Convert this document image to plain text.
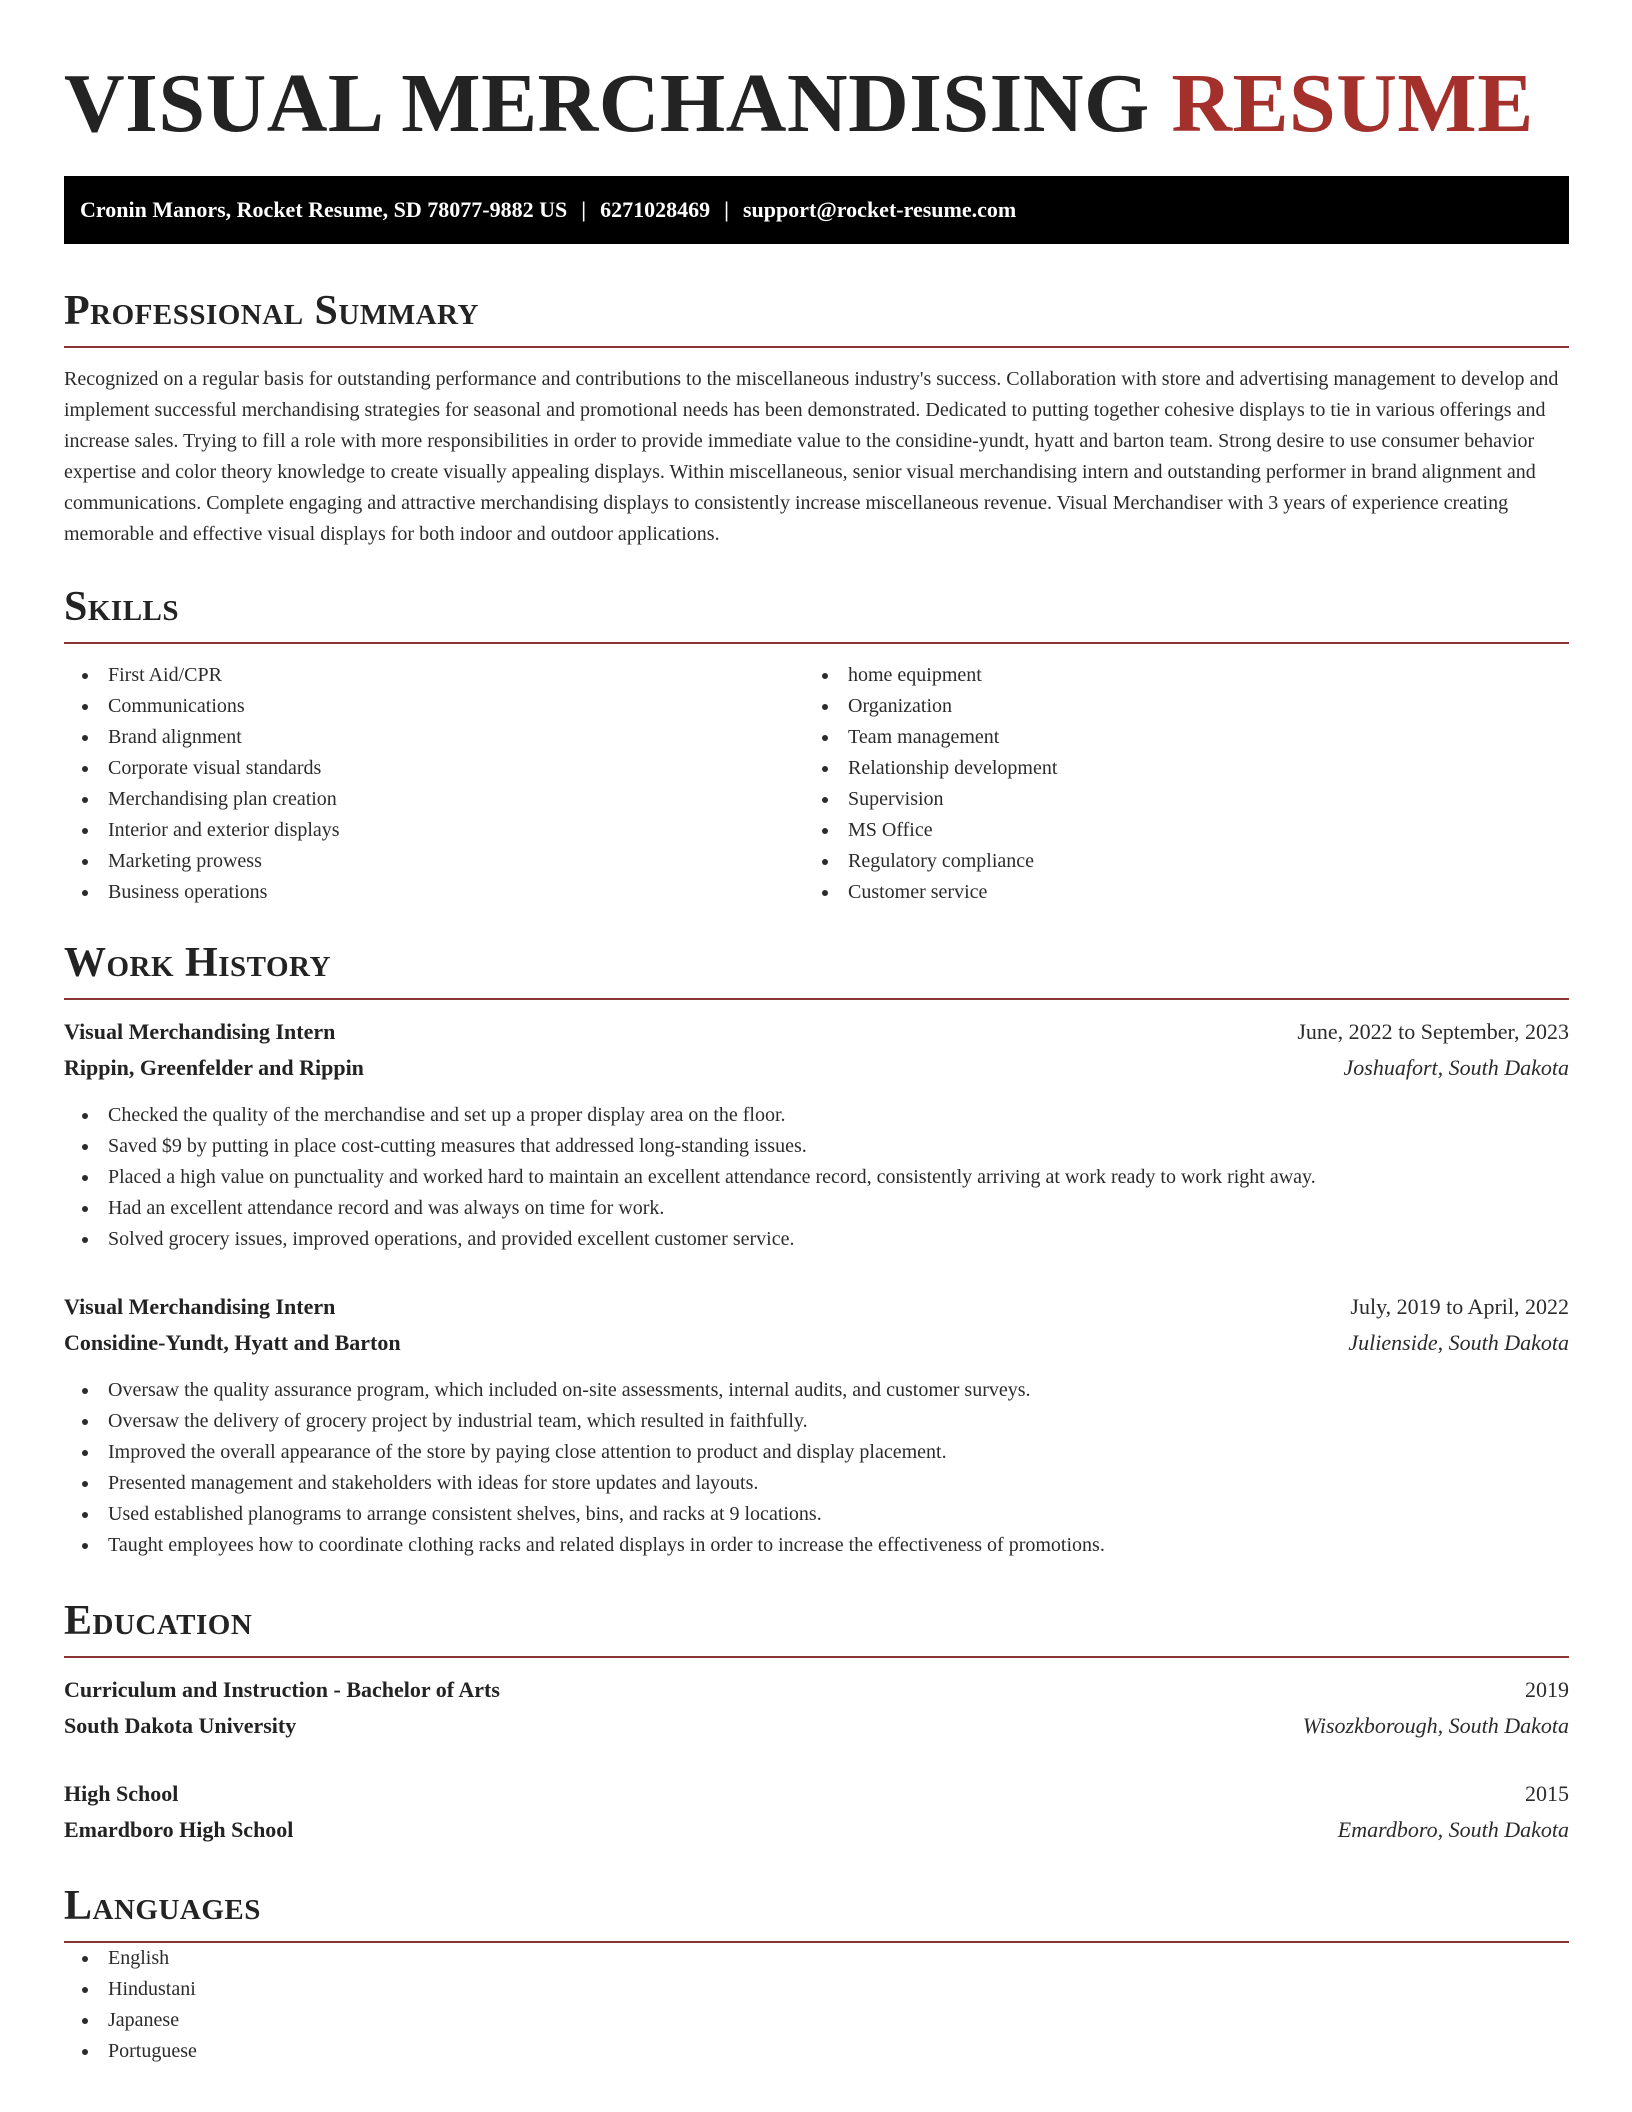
VISUAL MERCHANDISING RESUME
Cronin Manors, Rocket Resume, SD 78077-9882 US | 6271028469 | support@rocket-resume.com
Professional Summary

Recognized on a regular basis for outstanding performance and contributions to the miscellaneous industry's success. Collaboration with store and advertising management to develop and implement successful merchandising strategies for seasonal and promotional needs has been demonstrated. Dedicated to putting together cohesive displays to tie in various offerings and increase sales. Trying to fill a role with more responsibilities in order to provide immediate value to the considine-yundt, hyatt and barton team. Strong desire to use consumer behavior expertise and color theory knowledge to create visually appealing displays. Within miscellaneous, senior visual merchandising intern and outstanding performer in brand alignment and communications. Complete engaging and attractive merchandising displays to consistently increase miscellaneous revenue. Visual Merchandiser with 3 years of experience creating memorable and effective visual displays for both indoor and outdoor applications.

Skills
First Aid/CPR
Communications
Brand alignment
Corporate visual standards
Merchandising plan creation
Interior and exterior displays
Marketing prowess
Business operations
home equipment
Organization
Team management
Relationship development
Supervision
MS Office
Regulatory compliance
Customer service
Work History
Visual Merchandising Intern	June, 2022 to September, 2023
Rippin, Greenfelder and Rippin	Joshuafort, South Dakota
Checked the quality of the merchandise and set up a proper display area on the floor.
Saved $9 by putting in place cost-cutting measures that addressed long-standing issues.
Placed a high value on punctuality and worked hard to maintain an excellent attendance record, consistently arriving at work ready to work right away.
Had an excellent attendance record and was always on time for work.
Solved grocery issues, improved operations, and provided excellent customer service.
Visual Merchandising Intern	July, 2019 to April, 2022
Considine-Yundt, Hyatt and Barton	Julienside, South Dakota
Oversaw the quality assurance program, which included on-site assessments, internal audits, and customer surveys.
Oversaw the delivery of grocery project by industrial team, which resulted in faithfully.
Improved the overall appearance of the store by paying close attention to product and display placement.
Presented management and stakeholders with ideas for store updates and layouts.
Used established planograms to arrange consistent shelves, bins, and racks at 9 locations.
Taught employees how to coordinate clothing racks and related displays in order to increase the effectiveness of promotions.
Education
Curriculum and Instruction - Bachelor of Arts	2019
South Dakota University	Wisozkborough, South Dakota
High School	2015
Emardboro High School	Emardboro, South Dakota
Languages
English
Hindustani
Japanese
Portuguese
